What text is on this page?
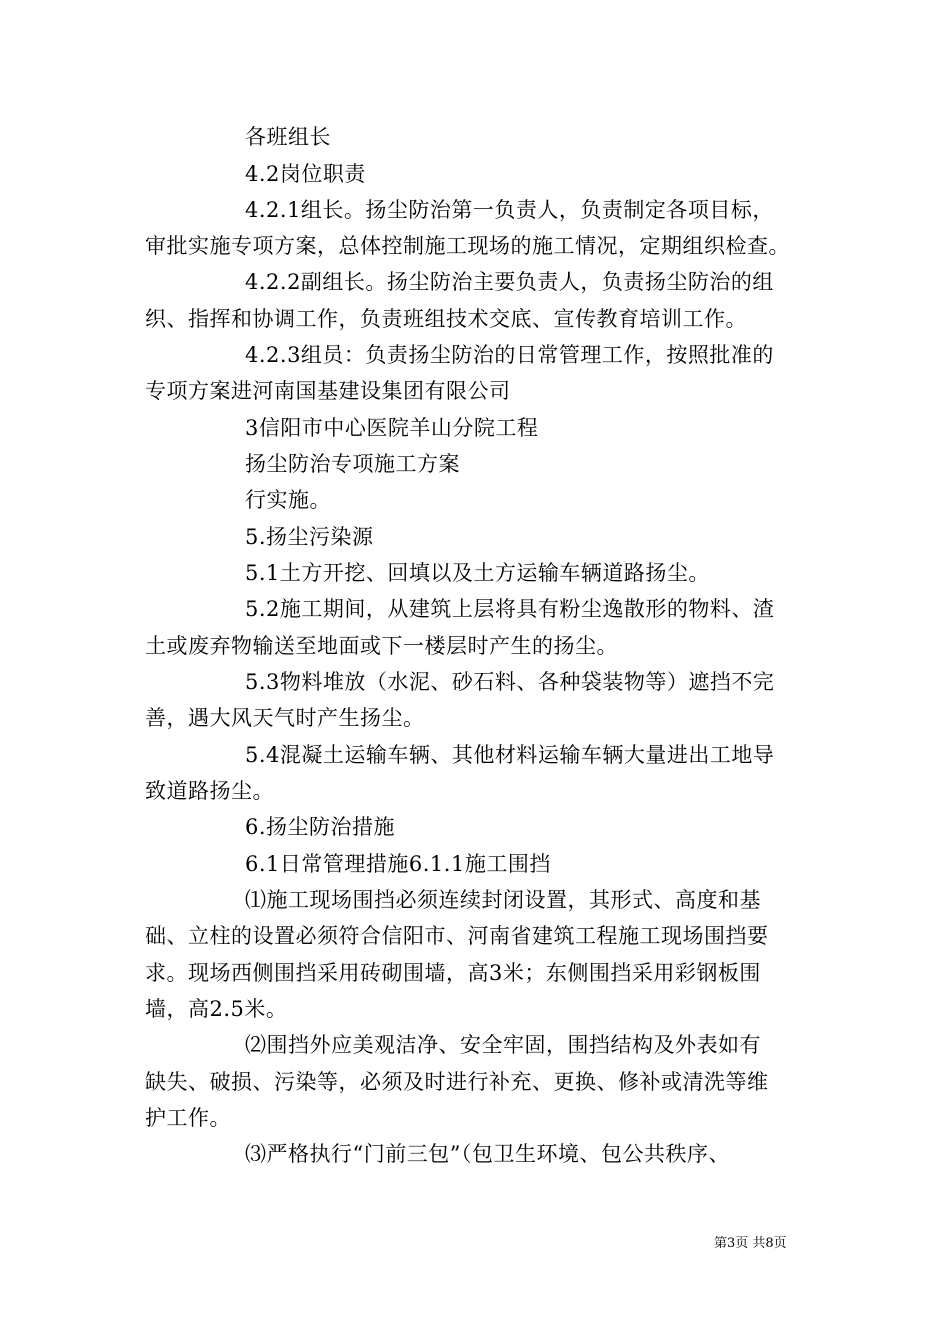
各班组长
4.2岗位职责
4.2.1组长。扬尘防治第一负责人，负责制定各项目标，
审批实施专项方案，总体控制施工现场的施工情况，定期组织检查。
4.2.2副组长。扬尘防治主要负责人，负责扬尘防治的组
织、指挥和协调工作，负责班组技术交底、宣传教育培训工作。
4.2.3组员：负责扬尘防治的日常管理工作，按照批准的
专项方案进河南国基建设集团有限公司
3信阳市中心医院羊山分院工程
扬尘防治专项施工方案
行实施。
5.扬尘污染源
5.1土方开挖、回填以及土方运输车辆道路扬尘。
5.2施工期间，从建筑上层将具有粉尘逸散形的物料、渣
土或废弃物输送至地面或下一楼层时产生的扬尘。
5.3物料堆放（水泥、砂石料、各种袋装物等）遮挡不完
善，遇大风天气时产生扬尘。
5.4混凝土运输车辆、其他材料运输车辆大量进出工地导
致道路扬尘。
6.扬尘防治措施
6.1日常管理措施6.1.1施工围挡
⑴施工现场围挡必须连续封闭设置，其形式、高度和基
础、立柱的设置必须符合信阳市、河南省建筑工程施工现场围挡要
求。现场西侧围挡采用砖砌围墙，高3米；东侧围挡采用彩钢板围
墙，高2.5米。
⑵围挡外应美观洁净、安全牢固，围挡结构及外表如有
缺失、破损、污染等，必须及时进行补充、更换、修补或清洗等维
护工作。
⑶严格执行“门前三包”（包卫生环境、包公共秩序、
第3页 共8页
